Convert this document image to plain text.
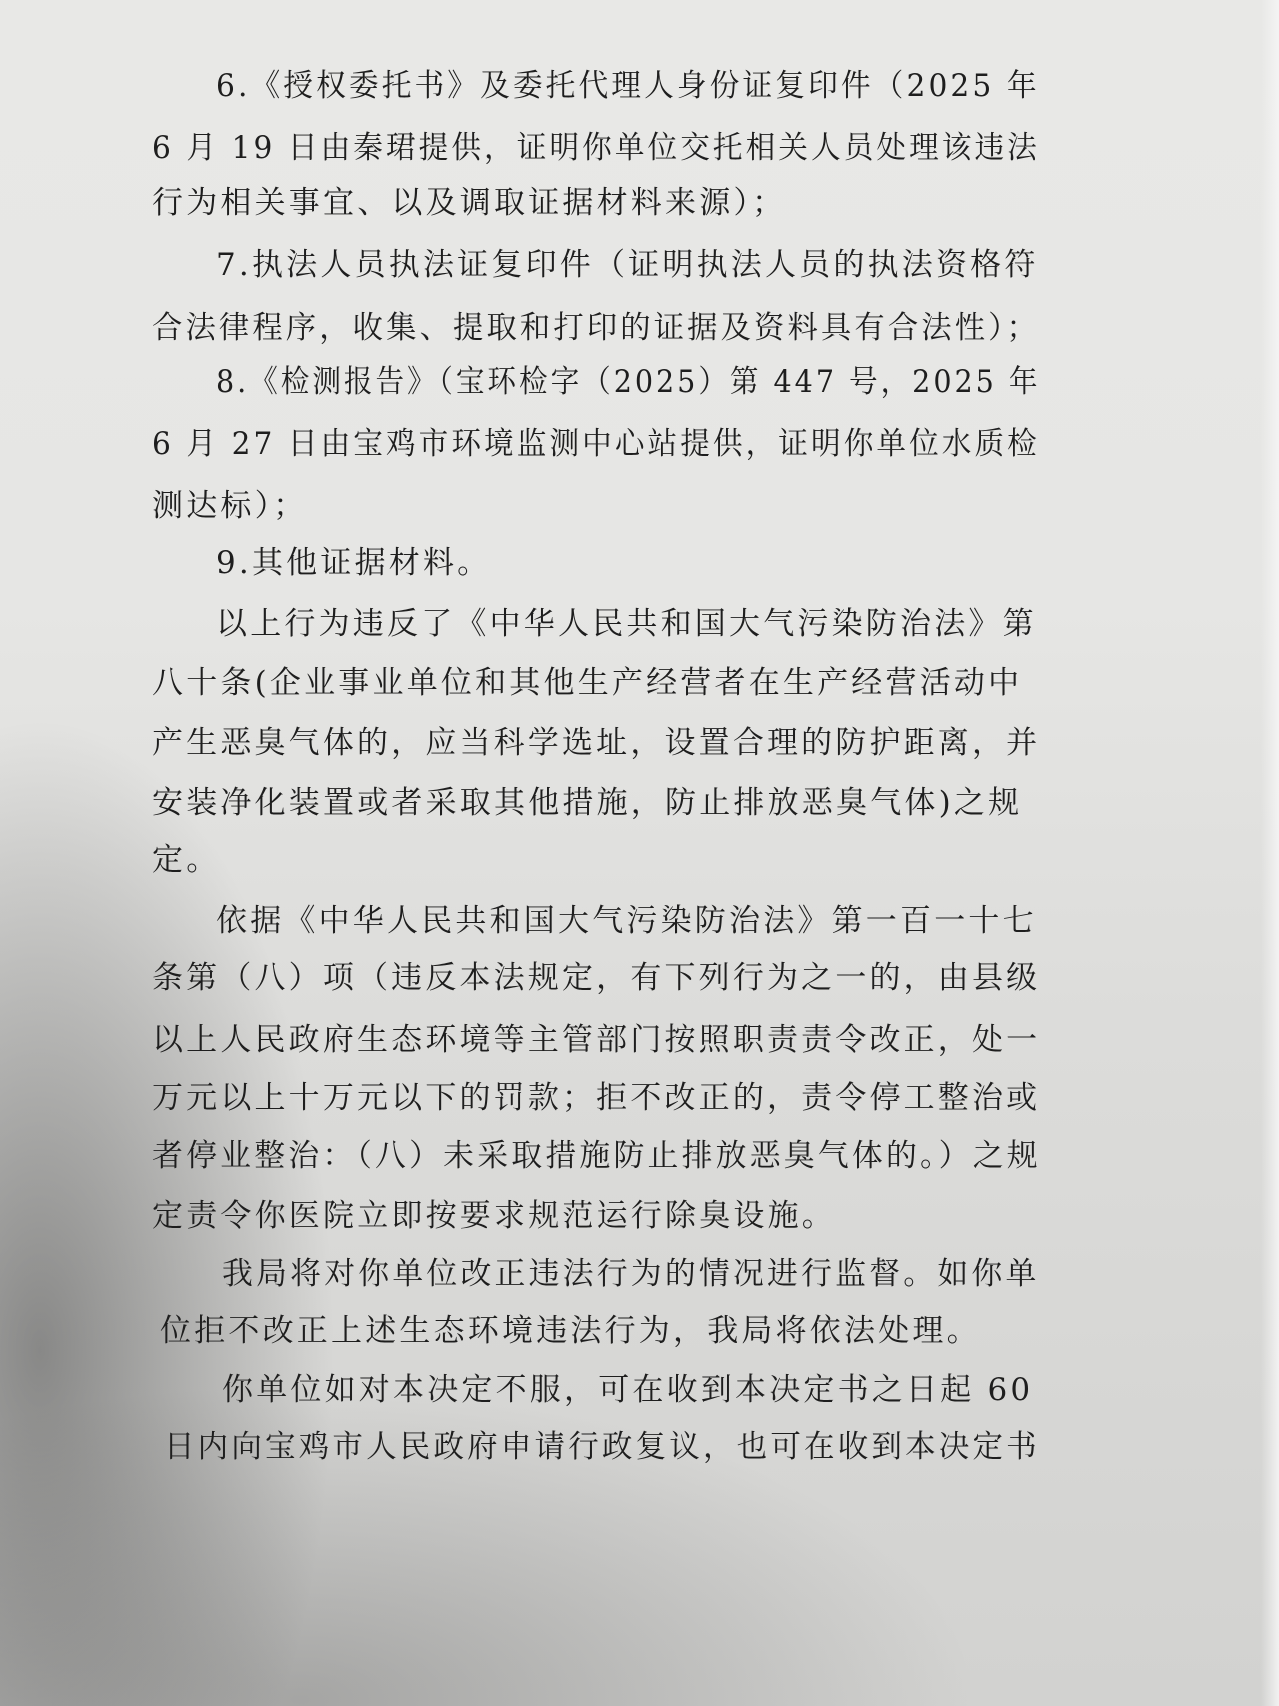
6.《授权委托书》及委托代理人身份证复印件（2025 年
6 月 19 日由秦珺提供，证明你单位交托相关人员处理该违法
行为相关事宜、以及调取证据材料来源）；
7.执法人员执法证复印件（证明执法人员的执法资格符
合法律程序，收集、提取和打印的证据及资料具有合法性）；
8.《检测报告》（宝环检字（2025）第 447 号，2025 年
6 月 27 日由宝鸡市环境监测中心站提供，证明你单位水质检
测达标）；
9.其他证据材料。
以上行为违反了《中华人民共和国大气污染防治法》第
八十条(企业事业单位和其他生产经营者在生产经营活动中
产生恶臭气体的，应当科学选址，设置合理的防护距离，并
安装净化装置或者采取其他措施，防止排放恶臭气体)之规
定。
依据《中华人民共和国大气污染防治法》第一百一十七
条第（八）项（违反本法规定，有下列行为之一的，由县级
以上人民政府生态环境等主管部门按照职责责令改正，处一
万元以上十万元以下的罚款；拒不改正的，责令停工整治或
者停业整治：（八）未采取措施防止排放恶臭气体的。）之规
定责令你医院立即按要求规范运行除臭设施。
我局将对你单位改正违法行为的情况进行监督。如你单
位拒不改正上述生态环境违法行为，我局将依法处理。
你单位如对本决定不服，可在收到本决定书之日起 60
日内向宝鸡市人民政府申请行政复议，也可在收到本决定书
